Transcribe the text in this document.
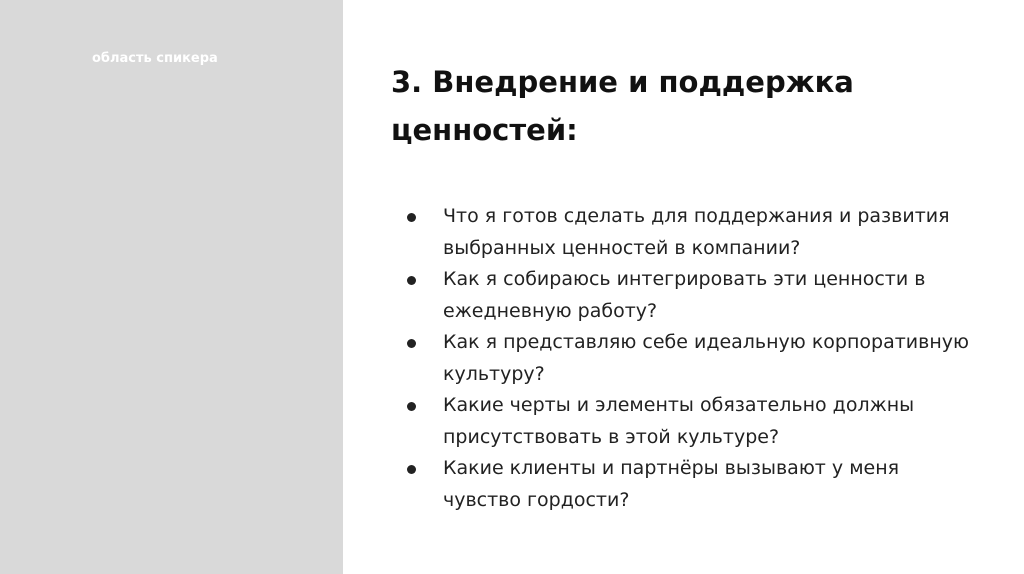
область спикера
3. Внедрение и поддержка ценностей:
Что я готов сделать для поддержания и развития выбранных ценностей в компании?
Как я собираюсь интегрировать эти ценности в ежедневную работу?
Как я представляю себе идеальную корпоративную культуру?
Какие черты и элементы обязательно должны присутствовать в этой культуре?
Какие клиенты и партнёры вызывают у меня чувство гордости?
